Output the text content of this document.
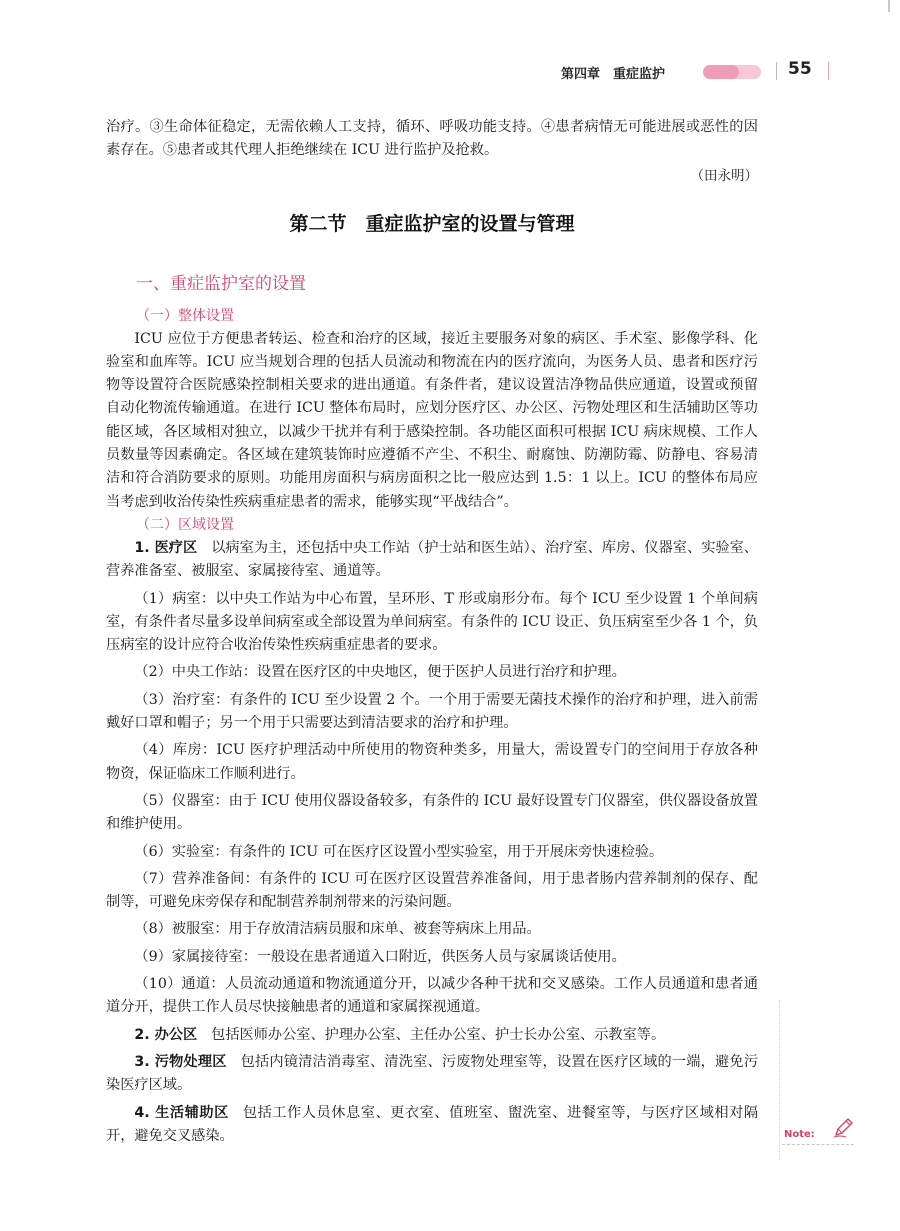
第四章　重症监护	55

治疗。③生命体征稳定，无需依赖人工支持，循环、呼吸功能支持。④患者病情无可能进展或恶性的因素存在。⑤患者或其代理人拒绝继续在 ICU 进行监护及抢救。

（田永明）

第二节　重症监护室的设置与管理
一、重症监护室的设置
（一）整体设置

ICU 应位于方便患者转运、检查和治疗的区域，接近主要服务对象的病区、手术室、影像学科、化验室和血库等。ICU 应当规划合理的包括人员流动和物流在内的医疗流向，为医务人员、患者和医疗污物等设置符合医院感染控制相关要求的进出通道。有条件者，建议设置洁净物品供应通道，设置或预留自动化物流传输通道。在进行 ICU 整体布局时，应划分医疗区、办公区、污物处理区和生活辅助区等功能区域，各区域相对独立，以减少干扰并有利于感染控制。各功能区面积可根据 ICU 病床规模、工作人员数量等因素确定。各区域在建筑装饰时应遵循不产尘、不积尘、耐腐蚀、防潮防霉、防静电、容易清洁和符合消防要求的原则。功能用房面积与病房面积之比一般应达到 1.5：1 以上。ICU 的整体布局应当考虑到收治传染性疾病重症患者的需求，能够实现“平战结合”。

（二）区域设置

1. 医疗区 以病室为主，还包括中央工作站（护士站和医生站）、治疗室、库房、仪器室、实验室、营养准备室、被服室、家属接待室、通道等。

（1）病室：以中央工作站为中心布置，呈环形、T 形或扇形分布。每个 ICU 至少设置 1 个单间病室，有条件者尽量多设单间病室或全部设置为单间病室。有条件的 ICU 设正、负压病室至少各 1 个，负压病室的设计应符合收治传染性疾病重症患者的要求。

（2）中央工作站：设置在医疗区的中央地区，便于医护人员进行治疗和护理。

（3）治疗室：有条件的 ICU 至少设置 2 个。一个用于需要无菌技术操作的治疗和护理，进入前需戴好口罩和帽子；另一个用于只需要达到清洁要求的治疗和护理。

（4）库房：ICU 医疗护理活动中所使用的物资种类多，用量大，需设置专门的空间用于存放各种物资，保证临床工作顺利进行。

（5）仪器室：由于 ICU 使用仪器设备较多，有条件的 ICU 最好设置专门仪器室，供仪器设备放置和维护使用。

（6）实验室：有条件的 ICU 可在医疗区设置小型实验室，用于开展床旁快速检验。

（7）营养准备间：有条件的 ICU 可在医疗区设置营养准备间，用于患者肠内营养制剂的保存、配制等，可避免床旁保存和配制营养制剂带来的污染问题。

（8）被服室：用于存放清洁病员服和床单、被套等病床上用品。

（9）家属接待室：一般设在患者通道入口附近，供医务人员与家属谈话使用。

（10）通道：人员流动通道和物流通道分开，以减少各种干扰和交叉感染。工作人员通道和患者通道分开，提供工作人员尽快接触患者的通道和家属探视通道。

2. 办公区 包括医师办公室、护理办公室、主任办公室、护士长办公室、示教室等。

3. 污物处理区 包括内镜清洁消毒室、清洗室、污废物处理室等，设置在医疗区域的一端，避免污染医疗区域。

4. 生活辅助区 包括工作人员休息室、更衣室、值班室、盥洗室、进餐室等，与医疗区域相对隔开，避免交叉感染。	Note:
